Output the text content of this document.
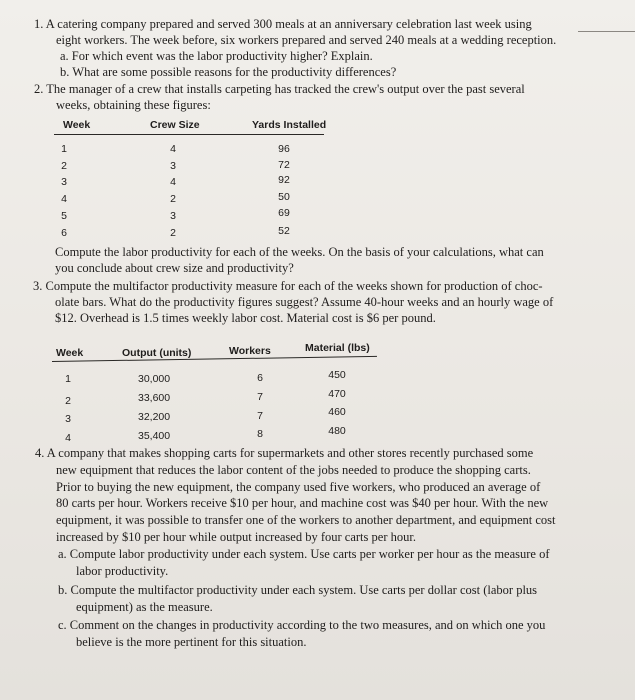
1. A catering company prepared and served 300 meals at an anniversary celebration last week using
eight workers. The week before, six workers prepared and served 240 meals at a wedding reception.
a. For which event was the labor productivity higher? Explain.
b. What are some possible reasons for the productivity differences?
2. The manager of a crew that installs carpeting has tracked the crew's output over the past several
weeks, obtaining these figures:
Week	Crew Size	Yards Installed
1	4	96
2	3	72
3	4	92
4	2	50
5	3	69
6	2	52
Compute the labor productivity for each of the weeks. On the basis of your calculations, what can
you conclude about crew size and productivity?
3. Compute the multifactor productivity measure for each of the weeks shown for production of choc-
olate bars. What do the productivity figures suggest? Assume 40-hour weeks and an hourly wage of
$12. Overhead is 1.5 times weekly labor cost. Material cost is $6 per pound.
Week	Output (units)	Workers	Material (lbs)
1	30,000	6	450
2	33,600	7	470
3	32,200	7	460
4	35,400	8	480
4. A company that makes shopping carts for supermarkets and other stores recently purchased some
new equipment that reduces the labor content of the jobs needed to produce the shopping carts.
Prior to buying the new equipment, the company used five workers, who produced an average of
80 carts per hour. Workers receive $10 per hour, and machine cost was $40 per hour. With the new
equipment, it was possible to transfer one of the workers to another department, and equipment cost
increased by $10 per hour while output increased by four carts per hour.
a. Compute labor productivity under each system. Use carts per worker per hour as the measure of
labor productivity.
b. Compute the multifactor productivity under each system. Use carts per dollar cost (labor plus
equipment) as the measure.
c. Comment on the changes in productivity according to the two measures, and on which one you
believe is the more pertinent for this situation.
